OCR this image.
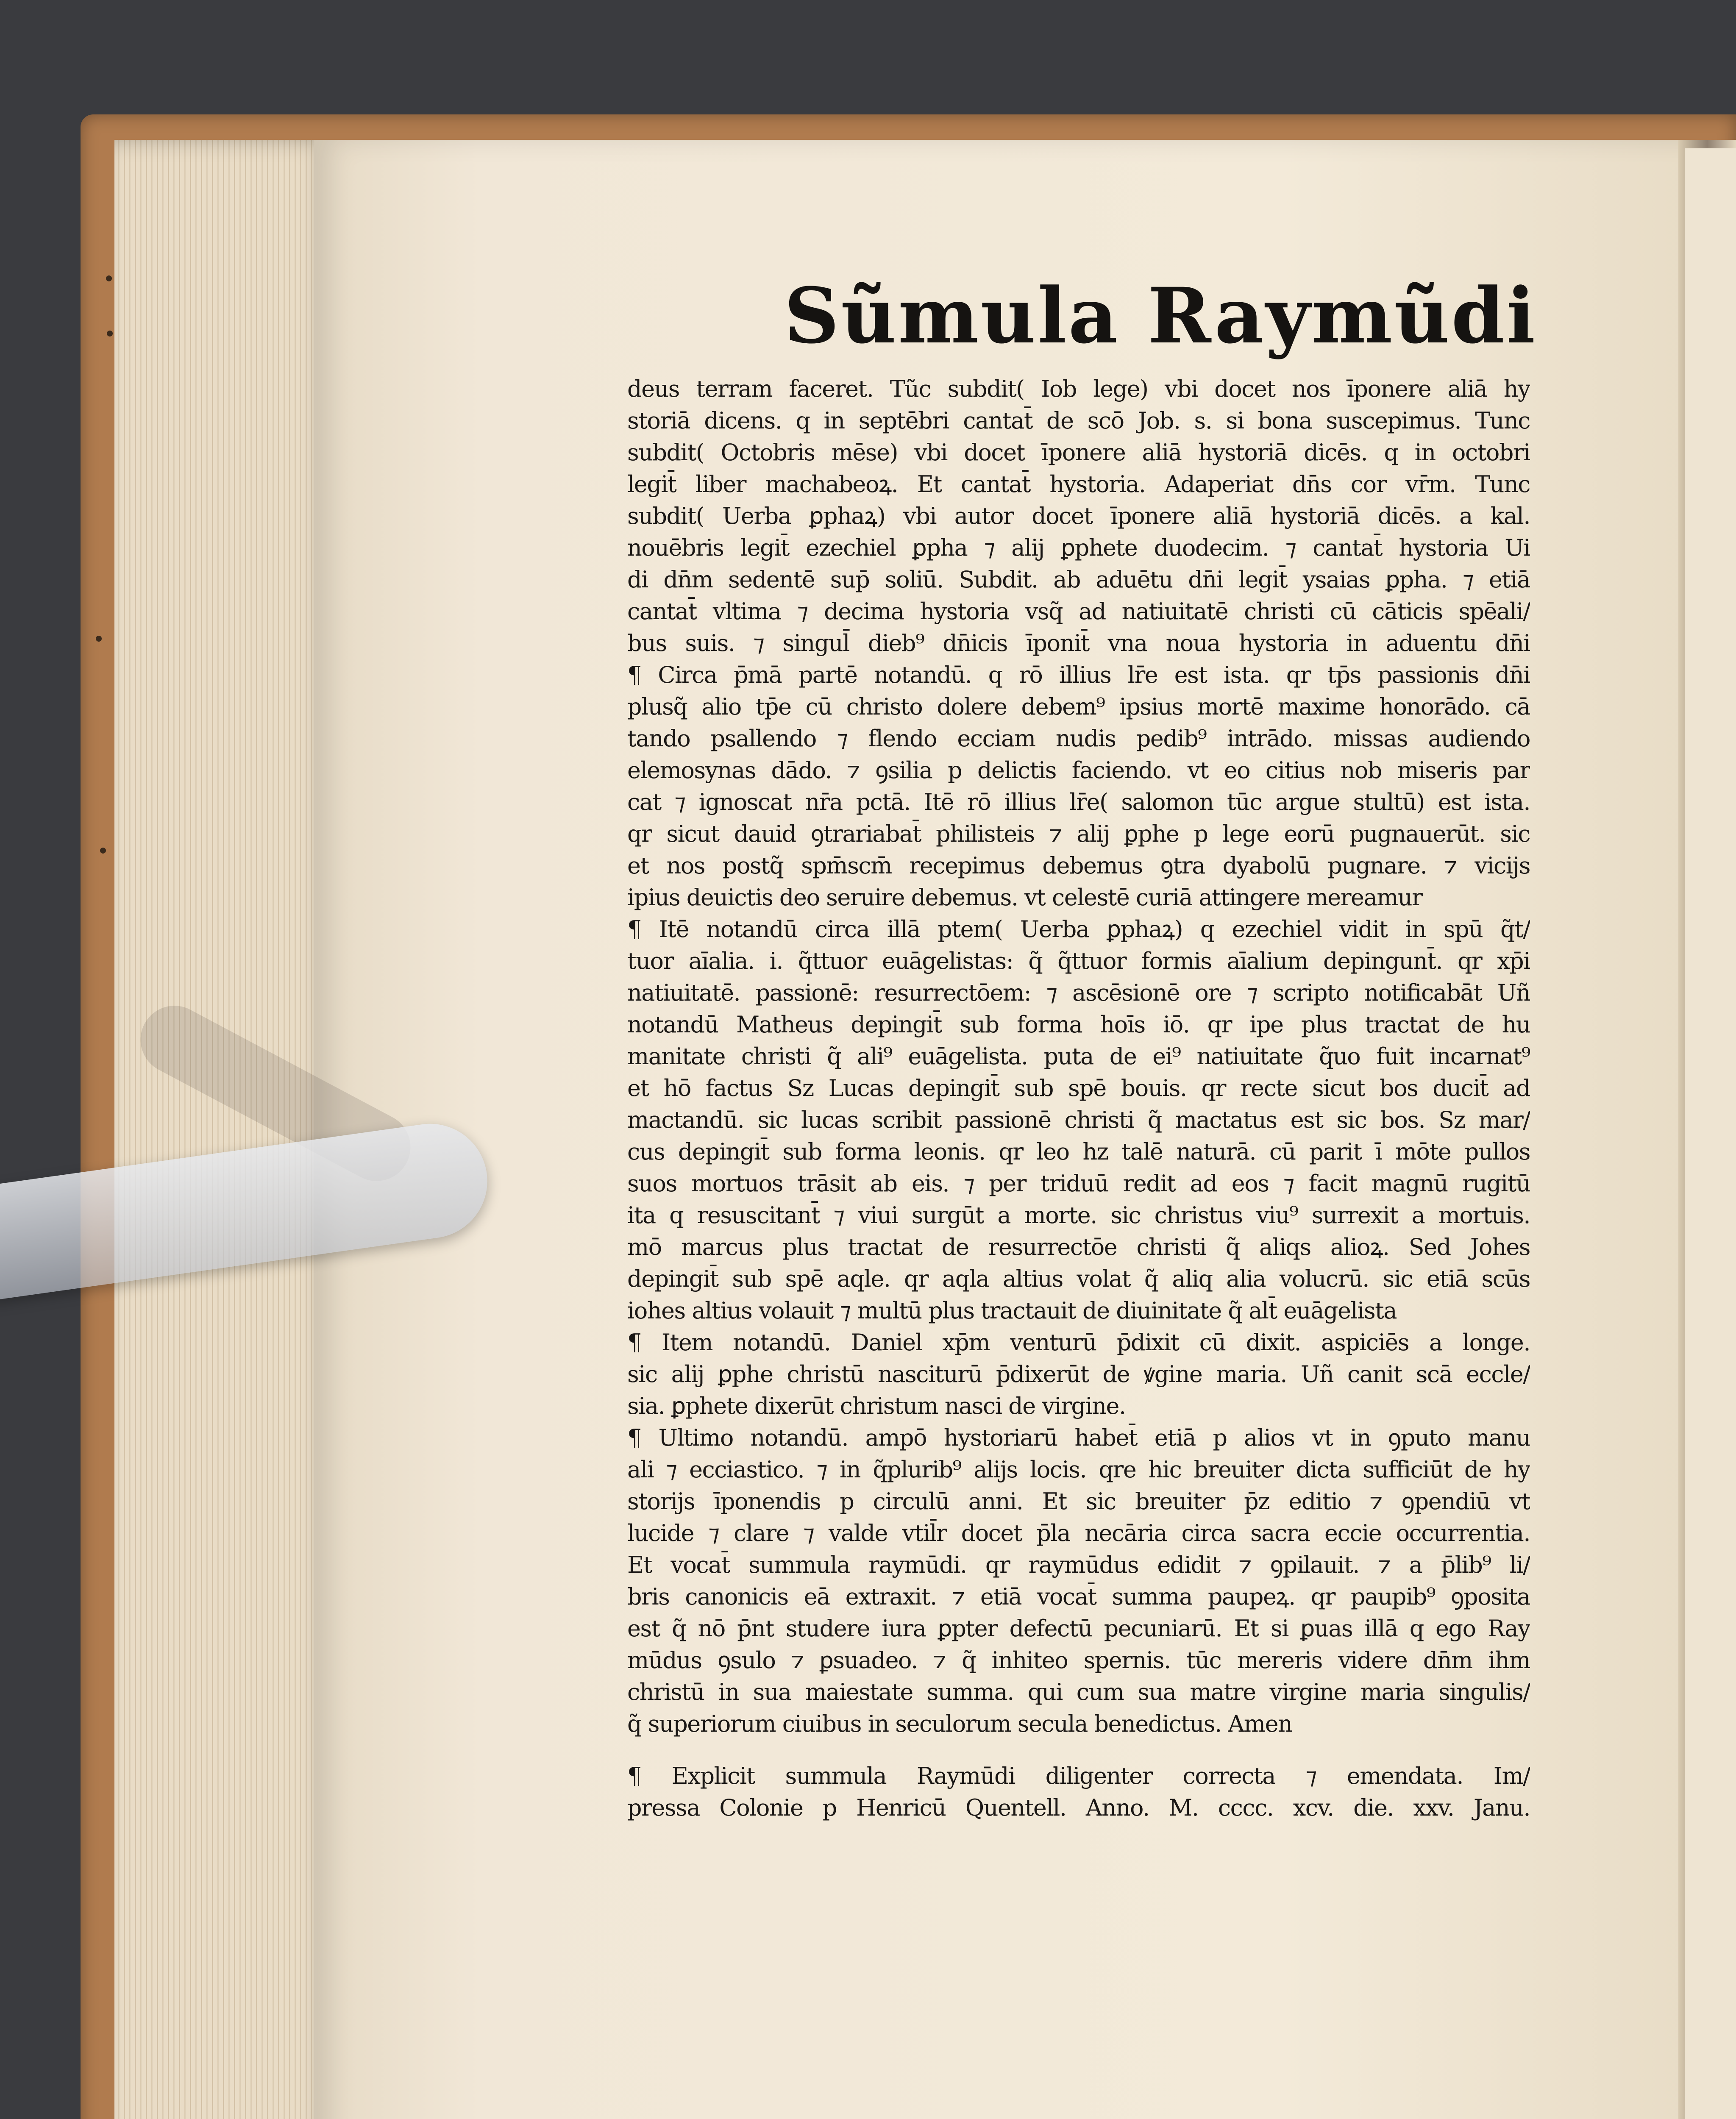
Sũmula Raymũdi
deus terram faceret. Tũc subdit( Iob lege) vbi docet nos īponere aliā hy
storiā dicens. q in septēbri cantat̄ de scō Job. s. si bona suscepimus. Tunc
subdit( Octobris mēse) vbi docet īponere aliā hystoriā dicēs. q in octobri
legit̄ liber machabeoꝝ. Et cantat̄ hystoria. Adaperiat dn̄s cor vr̄m. Tunc
subdit( Uerba ꝑphaꝝ) vbi autor docet īponere aliā hystoriā dicēs. a kal.
nouēbris legit̄ ezechiel ꝑpha ⁊ alij ꝑphete duodecim. ⁊ cantat̄ hystoria Ui
di dn̄m sedentē sup̄ soliū. Subdit. ab aduētu dn̄i legit̄ ysaias ꝑpha. ⁊ etiā
cantat̄ vltima ⁊ decima hystoria vsq̃ ad natiuitatē christi cū cāticis spēali/
bus suis. ⁊ singul̄ dieb⁹ dn̄icis īponit̄ vna noua hystoria in aduentu dn̄i
¶ Circa p̄mā partē notandū. q rō illius lr̄e est ista. qr tp̄s passionis dn̄i
plusq̃ alio tp̄e cū christo dolere debem⁹ ipsius mortē maxime honorādo. cā
tando psallendo ⁊ flendo ecciam nudis pedib⁹ intrādo. missas audiendo
elemosynas dādo. ⁊ ꝯsilia p delictis faciendo. vt eo citius nob miseris par
cat ⁊ ignoscat nr̄a pctā. Itē rō illius lr̄e( salomon tūc argue stultū) est ista.
qr sicut dauid ꝯtrariabat̄ philisteis ⁊ alij ꝑphe p lege eorū pugnauerūt. sic
et nos postq̃ spm̄scm̄ recepimus debemus ꝯtra dyabolū pugnare. ⁊ vicijs
ipius deuictis deo seruire debemus. vt celestē curiā attingere mereamur
¶ Itē notandū circa illā ptem( Uerba ꝑphaꝝ) q ezechiel vidit in spū q̃t/
tuor aīalia. i. q̃ttuor euāgelistas: q̃ q̃ttuor formis aīalium depingunt̄. qr xp̄i
natiuitatē. passionē: resurrectōem: ⁊ ascēsionē ore ⁊ scripto notificabāt Uñ
notandū Matheus depingit̄ sub forma hoīs iō. qr ipe plus tractat de hu
manitate christi q̃ ali⁹ euāgelista. puta de ei⁹ natiuitate q̃uo fuit incarnat⁹
et hō factus Sz Lucas depingit̄ sub spē bouis. qr recte sicut bos ducit̄ ad
mactandū. sic lucas scribit passionē christi q̃ mactatus est sic bos. Sz mar/
cus depingit̄ sub forma leonis. qr leo hz talē naturā. cū parit ī mōte pullos
suos mortuos trāsit ab eis. ⁊ per triduū redit ad eos ⁊ facit magnū rugitū
ita q resuscitant̄ ⁊ viui surgūt a morte. sic christus viu⁹ surrexit a mortuis.
mō marcus plus tractat de resurrectōe christi q̃ aliqs alioꝝ. Sed Johes
depingit̄ sub spē aqle. qr aqla altius volat q̃ aliq alia volucrū. sic etiā scūs
iohes altius volauit ⁊ multū plus tractauit de diuinitate q̃ alt̄ euāgelista
¶ Item notandū. Daniel xp̄m venturū p̄dixit cū dixit. aspiciēs a longe.
sic alij ꝑphe christū nasciturū p̄dixerūt de ꝟgine maria. Uñ canit scā eccle/
sia. ꝑphete dixerūt christum nasci de virgine.
¶ Ultimo notandū. ampō hystoriarū habet̄ etiā p alios vt in ꝯputo manu
ali ⁊ ecciastico. ⁊ in q̃plurib⁹ alijs locis. qre hic breuiter dicta sufficiūt de hy
storijs īponendis p circulū anni. Et sic breuiter p̄z editio ⁊ ꝯpendiū vt
lucide ⁊ clare ⁊ valde vtil̄r docet p̄la necāria circa sacra eccie occurrentia.
Et vocat̄ summula raymūdi. qr raymūdus edidit ⁊ ꝯpilauit. ⁊ a p̄lib⁹ li/
bris canonicis eā extraxit. ⁊ etiā vocat̄ summa paupeꝝ. qr paupib⁹ ꝯposita
est q̃ nō p̄nt studere iura ꝑpter defectū pecuniarū. Et si ꝑuas illā q ego Ray
mūdus ꝯsulo ⁊ ꝑsuadeo. ⁊ q̃ inhiteo spernis. tūc mereris videre dn̄m ihm
christū in sua maiestate summa. qui cum sua matre virgine maria singulis/
q̃ superiorum ciuibus in seculorum secula benedictus. Amen
¶ Explicit summula Raymūdi diligenter correcta ⁊ emendata. Im/
pressa Colonie p Henricū Quentell. Anno. M. cccc. xcv. die. xxv. Janu.
